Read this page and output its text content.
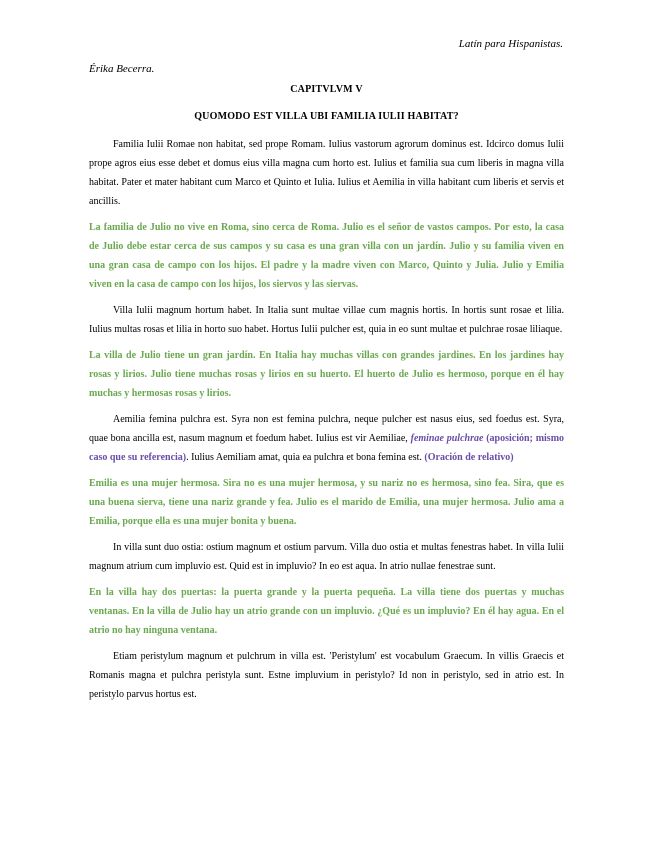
Latín para Hispanistas.
Érika Becerra.
CAPITVLVM V
QUOMODO EST VILLA UBI FAMILIA IULII HABITAT?

Familia Iulii Romae non habitat, sed prope Romam. Iulius vastorum agrorum dominus est. Idcirco domus Iulii prope agros eius esse debet et domus eius villa magna cum horto est. Iulius et familia sua cum liberis in magna villa habitat. Pater et mater habitant cum Marco et Quinto et Iulia. Iulius et Aemilia in villa habitant cum liberis et servis et ancillis.

La familia de Julio no vive en Roma, sino cerca de Roma. Julio es el señor de vastos campos. Por esto, la casa de Julio debe estar cerca de sus campos y su casa es una gran villa con un jardín. Julio y su familia viven en una gran casa de campo con los hijos. El padre y la madre viven con Marco, Quinto y Julia. Julio y Emilia viven en la casa de campo con los hijos, los siervos y las siervas.

Villa Iulii magnum hortum habet. In Italia sunt multae villae cum magnis hortis. In hortis sunt rosae et lilia. Iulius multas rosas et lilia in horto suo habet. Hortus Iulii pulcher est, quia in eo sunt multae et pulchrae rosae liliaque.

La villa de Julio tiene un gran jardín. En Italia hay muchas villas con grandes jardines. En los jardines hay rosas y lirios. Julio tiene muchas rosas y lirios en su huerto. El huerto de Julio es hermoso, porque en él hay muchas y hermosas rosas y lirios.

Aemilia femina pulchra est. Syra non est femina pulchra, neque pulcher est nasus eius, sed foedus est. Syra, quae bona ancilla est, nasum magnum et foedum habet. Iulius est vir Aemiliae, feminae pulchrae (aposición; mismo caso que su referencia). Iulius Aemiliam amat, quia ea pulchra et bona femina est. (Oración de relativo)

Emilia es una mujer hermosa. Sira no es una mujer hermosa, y su nariz no es hermosa, sino fea. Sira, que es una buena sierva, tiene una nariz grande y fea. Julio es el marido de Emilia, una mujer hermosa. Julio ama a Emilia, porque ella es una mujer bonita y buena.

In villa sunt duo ostia: ostium magnum et ostium parvum. Villa duo ostia et multas fenestras habet. In villa Iulii magnum atrium cum impluvio est. Quid est in impluvio? In eo est aqua. In atrio nullae fenestrae sunt.

En la villa hay dos puertas: la puerta grande y la puerta pequeña. La villa tiene dos puertas y muchas ventanas. En la villa de Julio hay un atrio grande con un impluvio. ¿Qué es un impluvio? En él hay agua. En el atrio no hay ninguna ventana.

Etiam peristylum magnum et pulchrum in villa est. 'Peristylum' est vocabulum Graecum. In villis Graecis et Romanis magna et pulchra peristyla sunt. Estne impluvium in peristylo? Id non in peristylo, sed in atrio est. In peristylo parvus hortus est.
